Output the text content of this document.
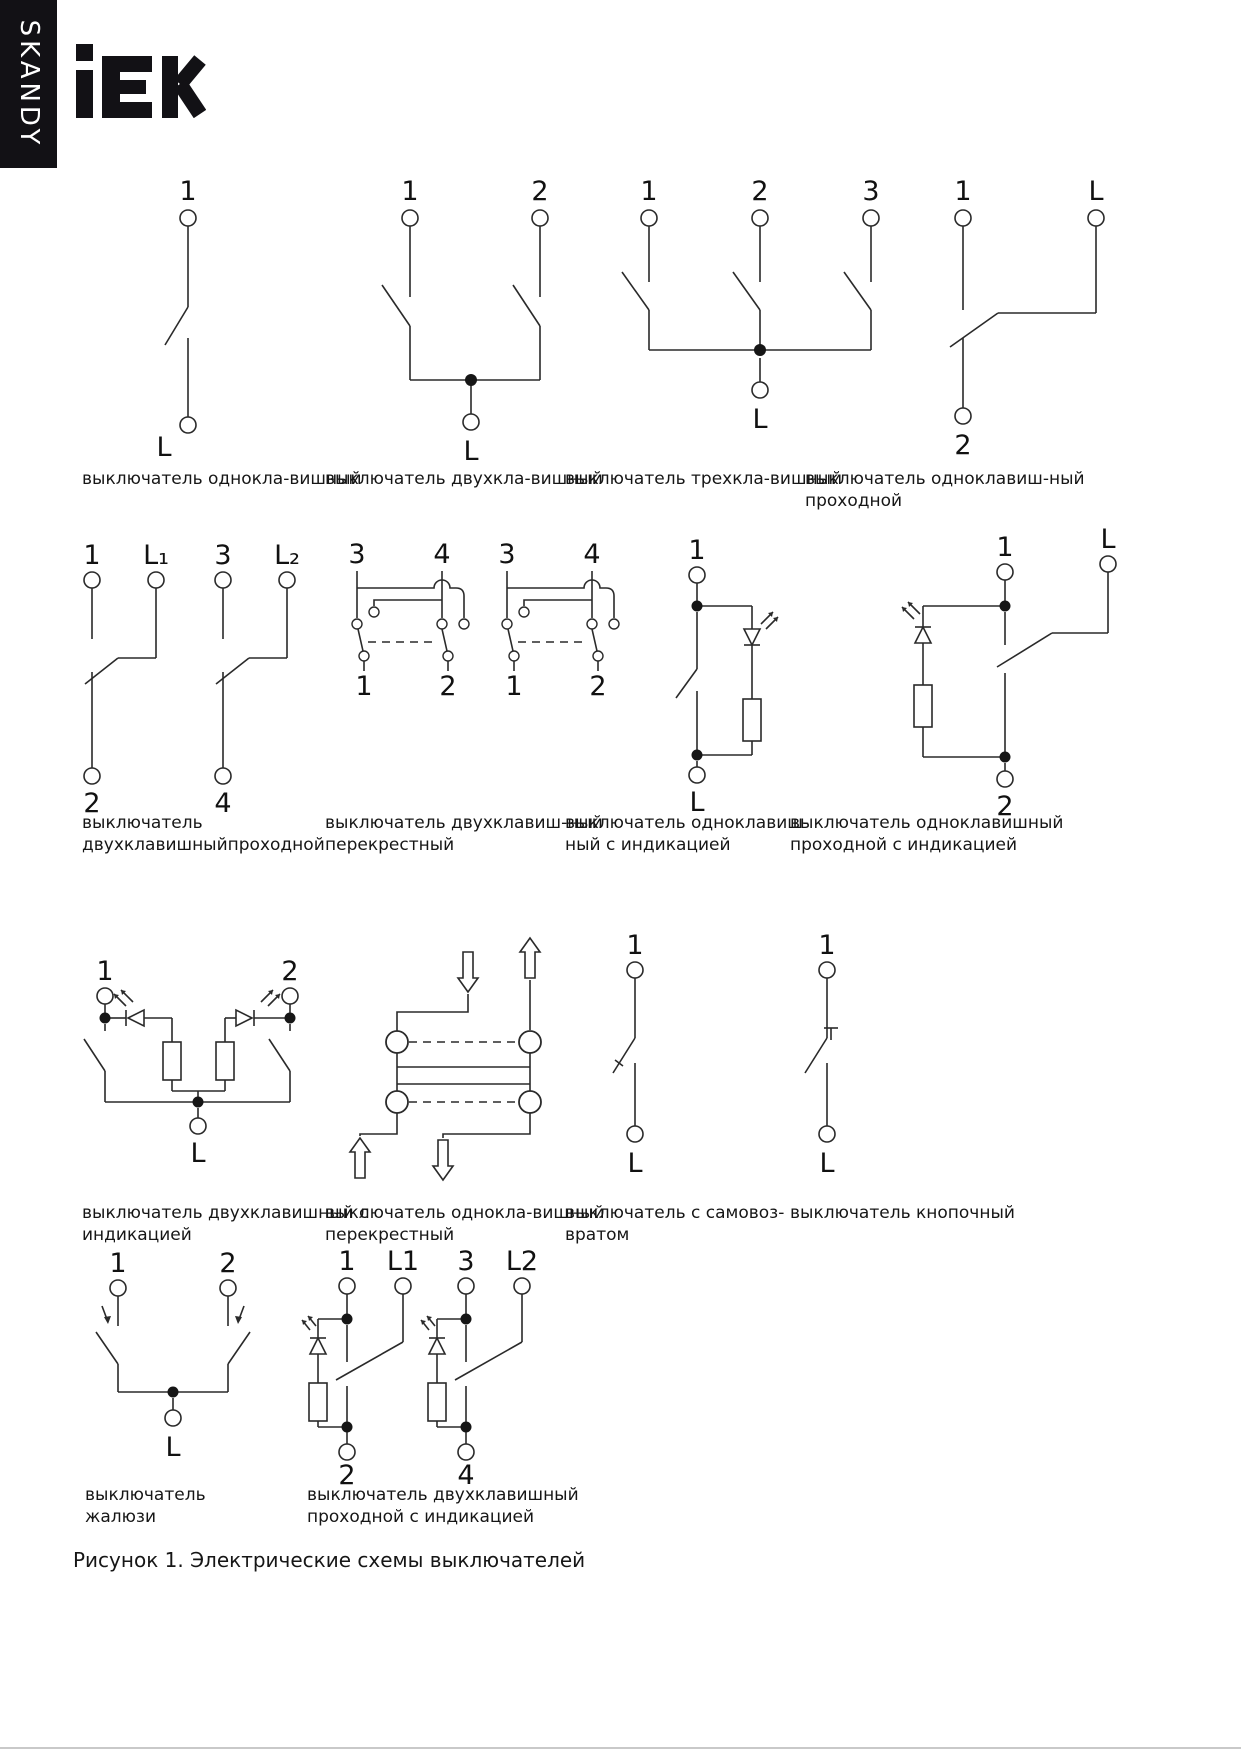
SKANDY
1
L
1	2
L
1	2	3
L
1	L
2
выключатель однокла-вишный
выключатель двухкла-вишный
выключатель трехкла-вишный
выключатель одноклавиш-ный
проходной
1 L₁
2
3 L₂
4
3	4
1 2
3	4
1 2
1
L
1	L
2
выключатель
двухклавишныйпроходной
выключатель двухклавиш-ный
перекрестный
выключатель одноклавиш-
ный с индикацией
выключатель одноклавишный
проходной с индикацией
1	2
L
1
L
1
L
выключатель двухклавишный с
индикацией
выключатель однокла-вишный
перекрестный
выключатель с самовоз-
вратом
выключатель кнопочный
1	2
L
1 L1
2
3 L2
4
выключатель
жалюзи
выключатель двухклавишный
проходной с индикацией
Рисунок 1. Электрические схемы выключателей
